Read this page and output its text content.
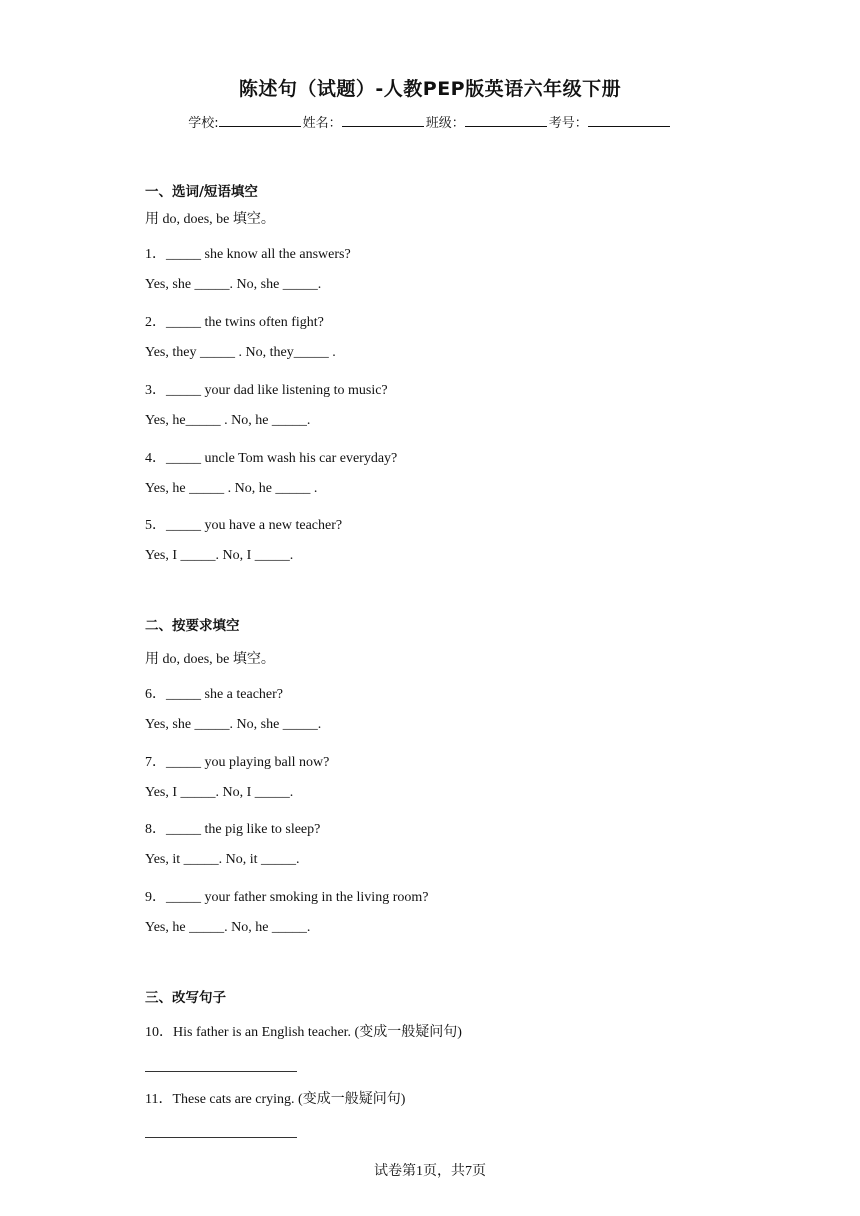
陈述句（试题）-人教PEP版英语六年级下册
学校:	姓名：	班级：	考号：
一、选词/短语填空
用 do, does, be 填空。
1．_____ she know all the answers?
Yes, she _____. No, she _____.
2．_____ the twins often fight?
Yes, they _____ . No, they_____ .
3．_____ your dad like listening to music?
Yes, he_____ . No, he _____.
4．_____ uncle Tom wash his car everyday?
Yes, he _____ . No, he _____ .
5．_____ you have a new teacher?
Yes, I _____. No, I _____.
二、按要求填空
用 do, does, be 填空。
6．_____ she a teacher?
Yes, she _____. No, she _____.
7．_____ you playing ball now?
Yes, I _____. No, I _____.
8．_____ the pig like to sleep?
Yes, it _____. No, it _____.
9．_____ your father smoking in the living room?
Yes, he _____. No, he _____.
三、改写句子
10．His father is an English teacher. (变成一般疑问句)
11．These cats are crying. (变成一般疑问句)
试卷第1页，共7页
